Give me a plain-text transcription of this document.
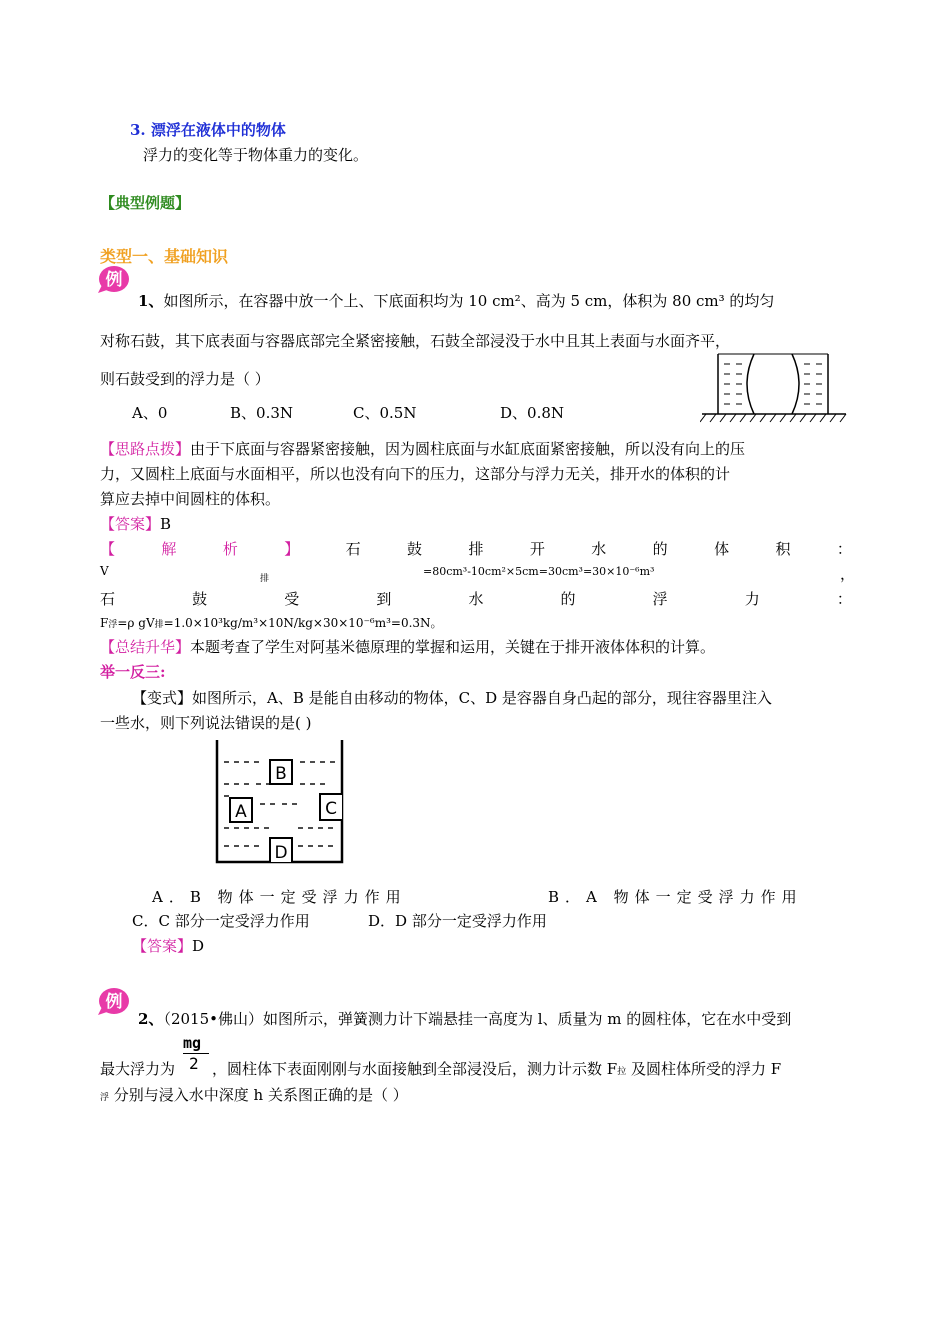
3. 漂浮在液体中的物体
浮力的变化等于物体重力的变化。
【典型例题】
类型一、基础知识
例
1、如图所示，在容器中放一个上、下底面积均为 10 cm²、高为 5 cm，体积为 80 cm³ 的均匀
对称石鼓，其下底表面与容器底部完全紧密接触，石鼓全部浸没于水中且其上表面与水面齐平，
则石鼓受到的浮力是（ ）
A、0	B、0.3N	C、0.5N	D、0.8N
【思路点拨】由于下底面与容器紧密接触，因为圆柱底面与水缸底面紧密接触，所以没有向上的压
力，又圆柱上底面与水面相平，所以也没有向下的压力，这部分与浮力无关，排开水的体积的计
算应去掉中间圆柱的体积。
【答案】B
【	解	析	】	石	鼓	排	开	水	的	体	积	：
V
排
=80cm³-10cm²×5cm=30cm³=30×10⁻⁶m³	，
石	鼓	受	到	水	的	浮	力	：
F浮=ρ gV排=1.0×10³kg/m³×10N/kg×30×10⁻⁶m³=0.3N。
【总结升华】本题考查了学生对阿基米德原理的掌握和运用，关键在于排开液体体积的计算。
举一反三:
【变式】如图所示，A、B 是能自由移动的物体，C、D 是容器自身凸起的部分，现往容器里注入
一些水，则下列说法错误的是( )
B
A	C
D
A．B 物体一定受浮力作用	B．A 物体一定受浮力作用
C．C 部分一定受浮力作用	D．D 部分一定受浮力作用
【答案】D
例
2、（2015•佛山）如图所示，弹簧测力计下端悬挂一高度为 l、质量为 m 的圆柱体，它在水中受到
最大浮力为
mg
2 ，圆柱体下表面刚刚与水面接触到全部浸没后，测力计示数 F拉 及圆柱体所受的浮力 F
浮 分别与浸入水中深度 h 关系图正确的是（ ）
